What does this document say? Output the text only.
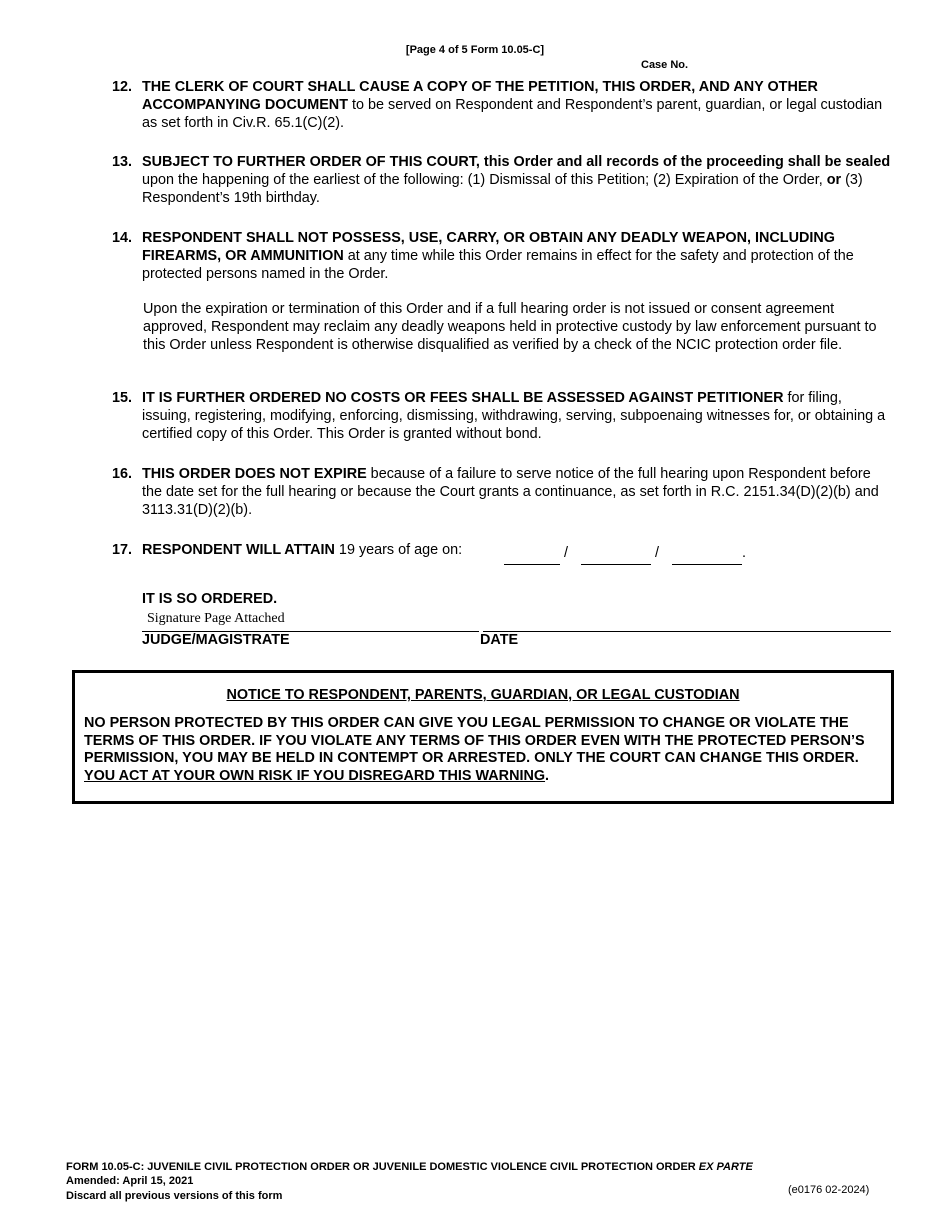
[Page 4 of 5 Form 10.05-C]
Case No.
12. THE CLERK OF COURT SHALL CAUSE A COPY OF THE PETITION, THIS ORDER, AND ANY OTHER ACCOMPANYING DOCUMENT to be served on Respondent and Respondent’s parent, guardian, or legal custodian as set forth in Civ.R. 65.1(C)(2).
13. SUBJECT TO FURTHER ORDER OF THIS COURT, this Order and all records of the proceeding shall be sealed upon the happening of the earliest of the following: (1) Dismissal of this Petition; (2) Expiration of the Order, or (3) Respondent’s 19th birthday.
14. RESPONDENT SHALL NOT POSSESS, USE, CARRY, OR OBTAIN ANY DEADLY WEAPON, INCLUDING FIREARMS, OR AMMUNITION at any time while this Order remains in effect for the safety and protection of the protected persons named in the Order.
Upon the expiration or termination of this Order and if a full hearing order is not issued or consent agreement approved, Respondent may reclaim any deadly weapons held in protective custody by law enforcement pursuant to this Order unless Respondent is otherwise disqualified as verified by a check of the NCIC protection order file.
15. IT IS FURTHER ORDERED NO COSTS OR FEES SHALL BE ASSESSED AGAINST PETITIONER for filing, issuing, registering, modifying, enforcing, dismissing, withdrawing, serving, subpoenaing witnesses for, or obtaining a certified copy of this Order. This Order is granted without bond.
16. THIS ORDER DOES NOT EXPIRE because of a failure to serve notice of the full hearing upon Respondent before the date set for the full hearing or because the Court grants a continuance, as set forth in R.C. 2151.34(D)(2)(b) and 3113.31(D)(2)(b).
17. RESPONDENT WILL ATTAIN 19 years of age on:	/	/	.
IT IS SO ORDERED.
Signature Page Attached
JUDGE/MAGISTRATE	DATE
NOTICE TO RESPONDENT, PARENTS, GUARDIAN, OR LEGAL CUSTODIAN
NO PERSON PROTECTED BY THIS ORDER CAN GIVE YOU LEGAL PERMISSION TO CHANGE OR VIOLATE THE TERMS OF THIS ORDER. IF YOU VIOLATE ANY TERMS OF THIS ORDER EVEN WITH THE PROTECTED PERSON’S PERMISSION, YOU MAY BE HELD IN CONTEMPT OR ARRESTED. ONLY THE COURT CAN CHANGE THIS ORDER. YOU ACT AT YOUR OWN RISK IF YOU DISREGARD THIS WARNING.
FORM 10.05-C: JUVENILE CIVIL PROTECTION ORDER OR JUVENILE DOMESTIC VIOLENCE CIVIL PROTECTION ORDER EX PARTE
Amended: April 15, 2021
Discard all previous versions of this form	(e0176 02-2024)
